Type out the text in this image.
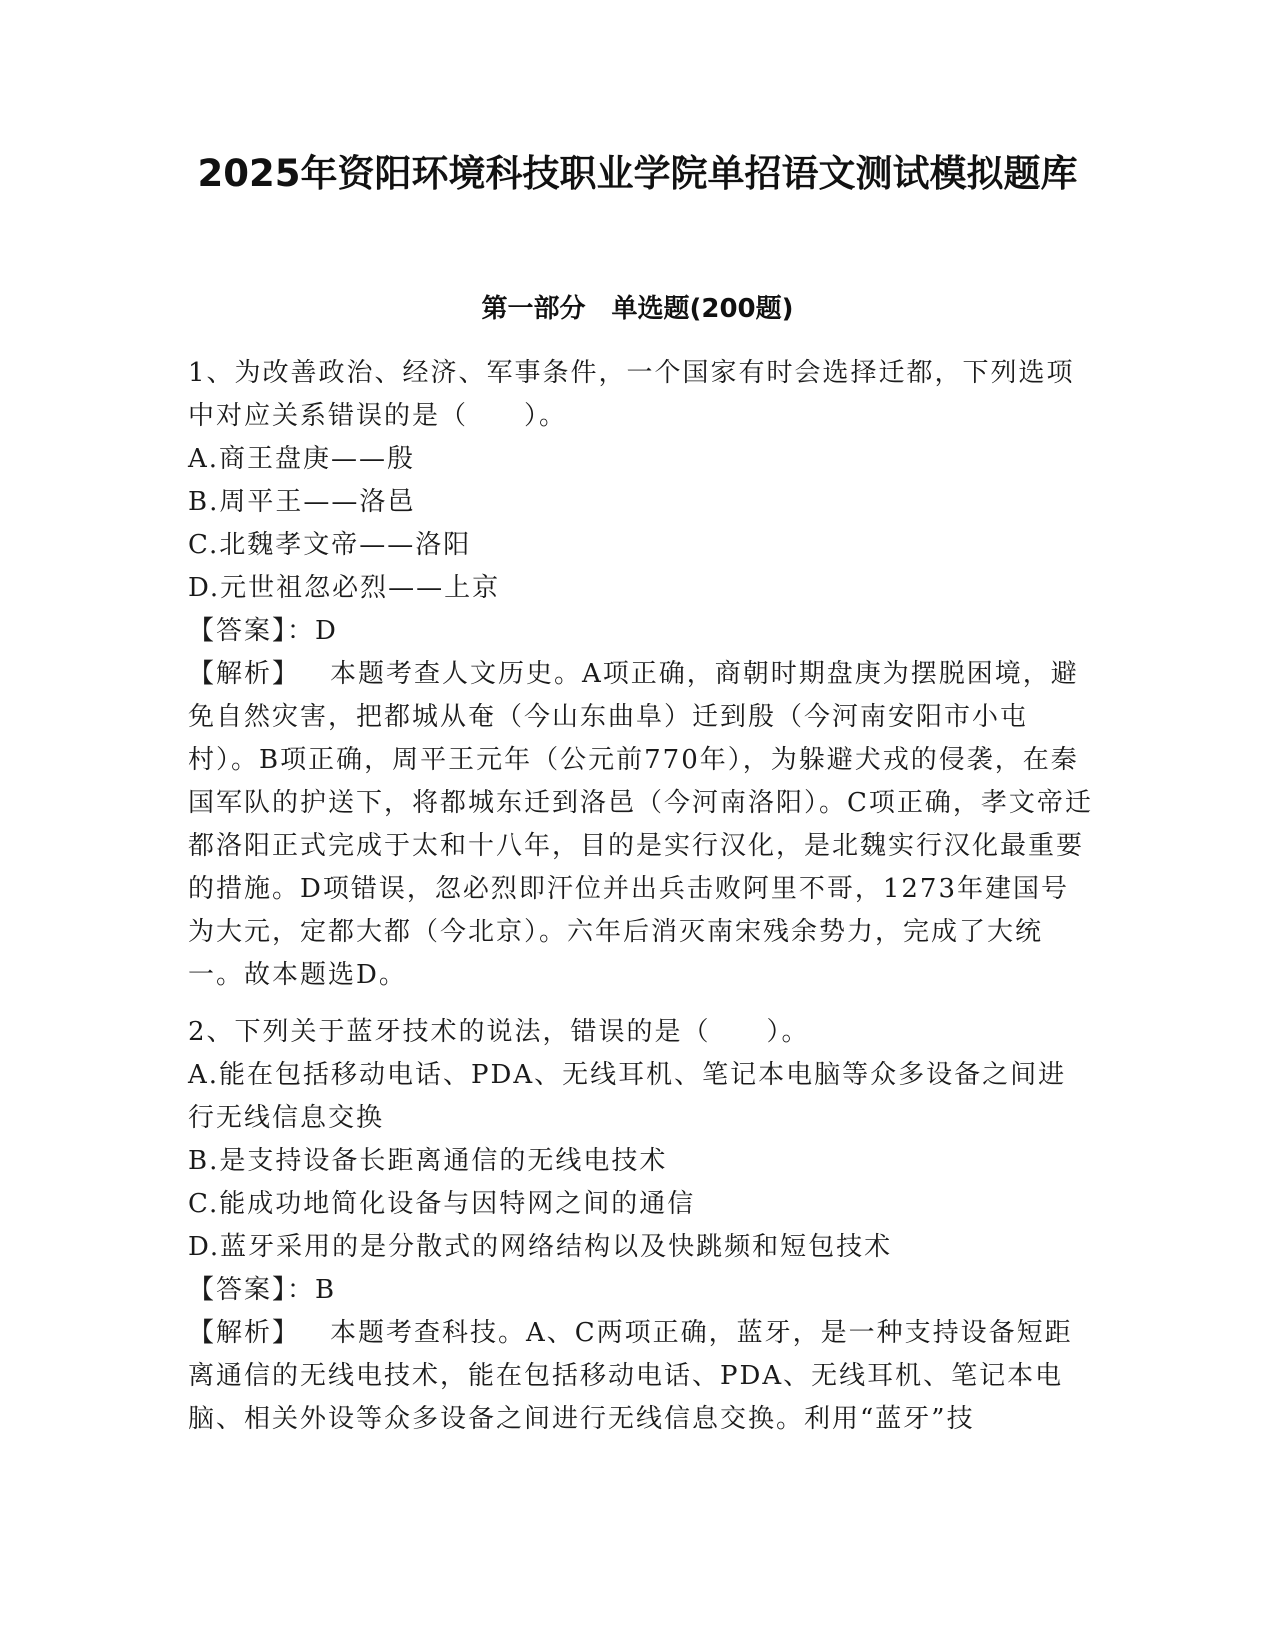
2025年资阳环境科技职业学院单招语文测试模拟题库
第一部分　单选题(200题)

1、为改善政治、经济、军事条件，一个国家有时会选择迁都，下列选项中对应关系错误的是（　　）。

A.商王盘庚——殷

B.周平王——洛邑

C.北魏孝文帝——洛阳

D.元世祖忽必烈——上京

【答案】：D

【解析】 本题考查人文历史。A项正确，商朝时期盘庚为摆脱困境，避免自然灾害，把都城从奄（今山东曲阜）迁到殷（今河南安阳市小屯村）。B项正确，周平王元年（公元前770年），为躲避犬戎的侵袭，在秦国军队的护送下，将都城东迁到洛邑（今河南洛阳）。C项正确，孝文帝迁都洛阳正式完成于太和十八年，目的是实行汉化，是北魏实行汉化最重要的措施。D项错误，忽必烈即汗位并出兵击败阿里不哥，1273年建国号为大元，定都大都（今北京）。六年后消灭南宋残余势力，完成了大统一。故本题选D。

2、下列关于蓝牙技术的说法，错误的是（　　）。

A.能在包括移动电话、PDA、无线耳机、笔记本电脑等众多设备之间进行无线信息交换

B.是支持设备长距离通信的无线电技术

C.能成功地简化设备与因特网之间的通信

D.蓝牙采用的是分散式的网络结构以及快跳频和短包技术

【答案】：B

【解析】 本题考查科技。A、C两项正确，蓝牙，是一种支持设备短距离通信的无线电技术，能在包括移动电话、PDA、无线耳机、笔记本电脑、相关外设等众多设备之间进行无线信息交换。利用“蓝牙”技
